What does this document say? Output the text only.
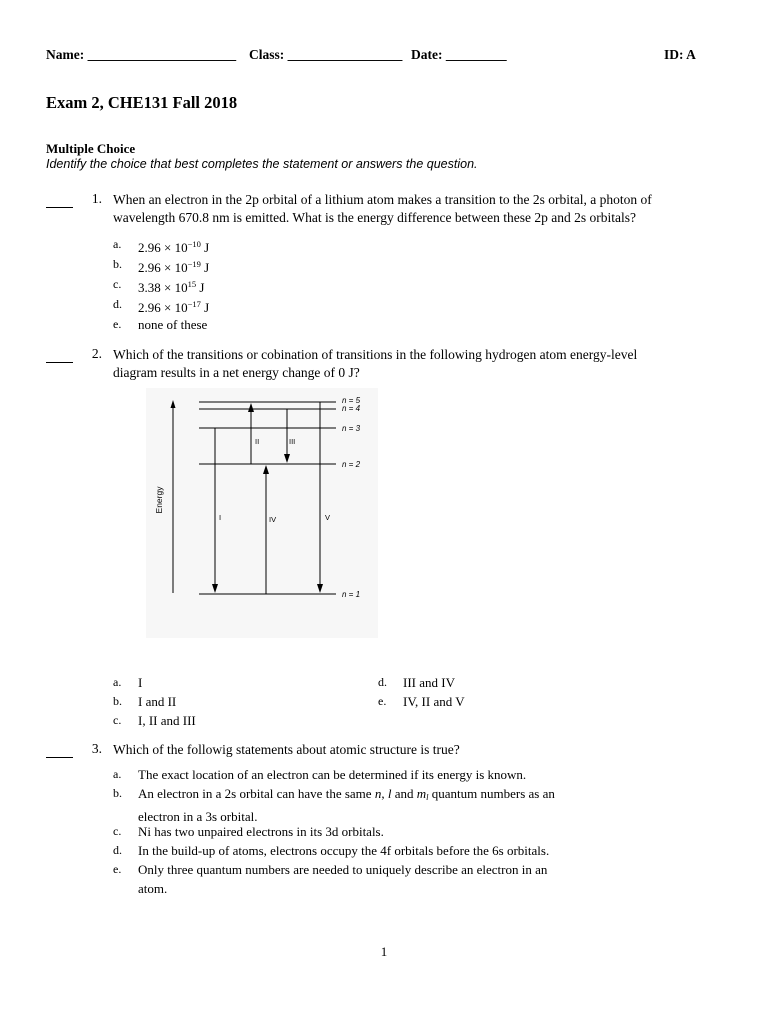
Name: ______________________ Class: _________________ Date: _________	ID: A
Exam 2, CHE131 Fall 2018
Multiple Choice
Identify the choice that best completes the statement or answers the question.
1. When an electron in the 2p orbital of a lithium atom makes a transition to the 2s orbital, a photon of
wavelength 670.8 nm is emitted. What is the energy difference between these 2p and 2s orbitals?
a.	$2.96 \times 10^{-10}$ J
b.	$2.96 \times 10^{-19}$ J
c.	$3.38 \times 10^{15}$ J
d.	$2.96 \times 10^{-17}$ J
e.	none of these
2. Which of the transitions or cobination of transitions in the following hydrogen atom energy-level
diagram results in a net energy change of 0 J?
Energy
n = 5
n = 4
n = 3
n = 2
n = 1
I
II	III
IV	V
a.	I
b.	I and II
c.	I, II and III
d.	III and IV
e.	IV, II and V
3. Which of the followig statements about atomic structure is true?
a.	The exact location of an electron can be determined if its energy is known.
b.	An electron in a 2s orbital can have the same n, l and $m_l$ quantum numbers as an
electron in a 3s orbital.
c.	Ni has two unpaired electrons in its 3d orbitals.
d.	In the build-up of atoms, electrons occupy the 4f orbitals before the 6s orbitals.
e.	Only three quantum numbers are needed to uniquely describe an electron in an
atom.
1
